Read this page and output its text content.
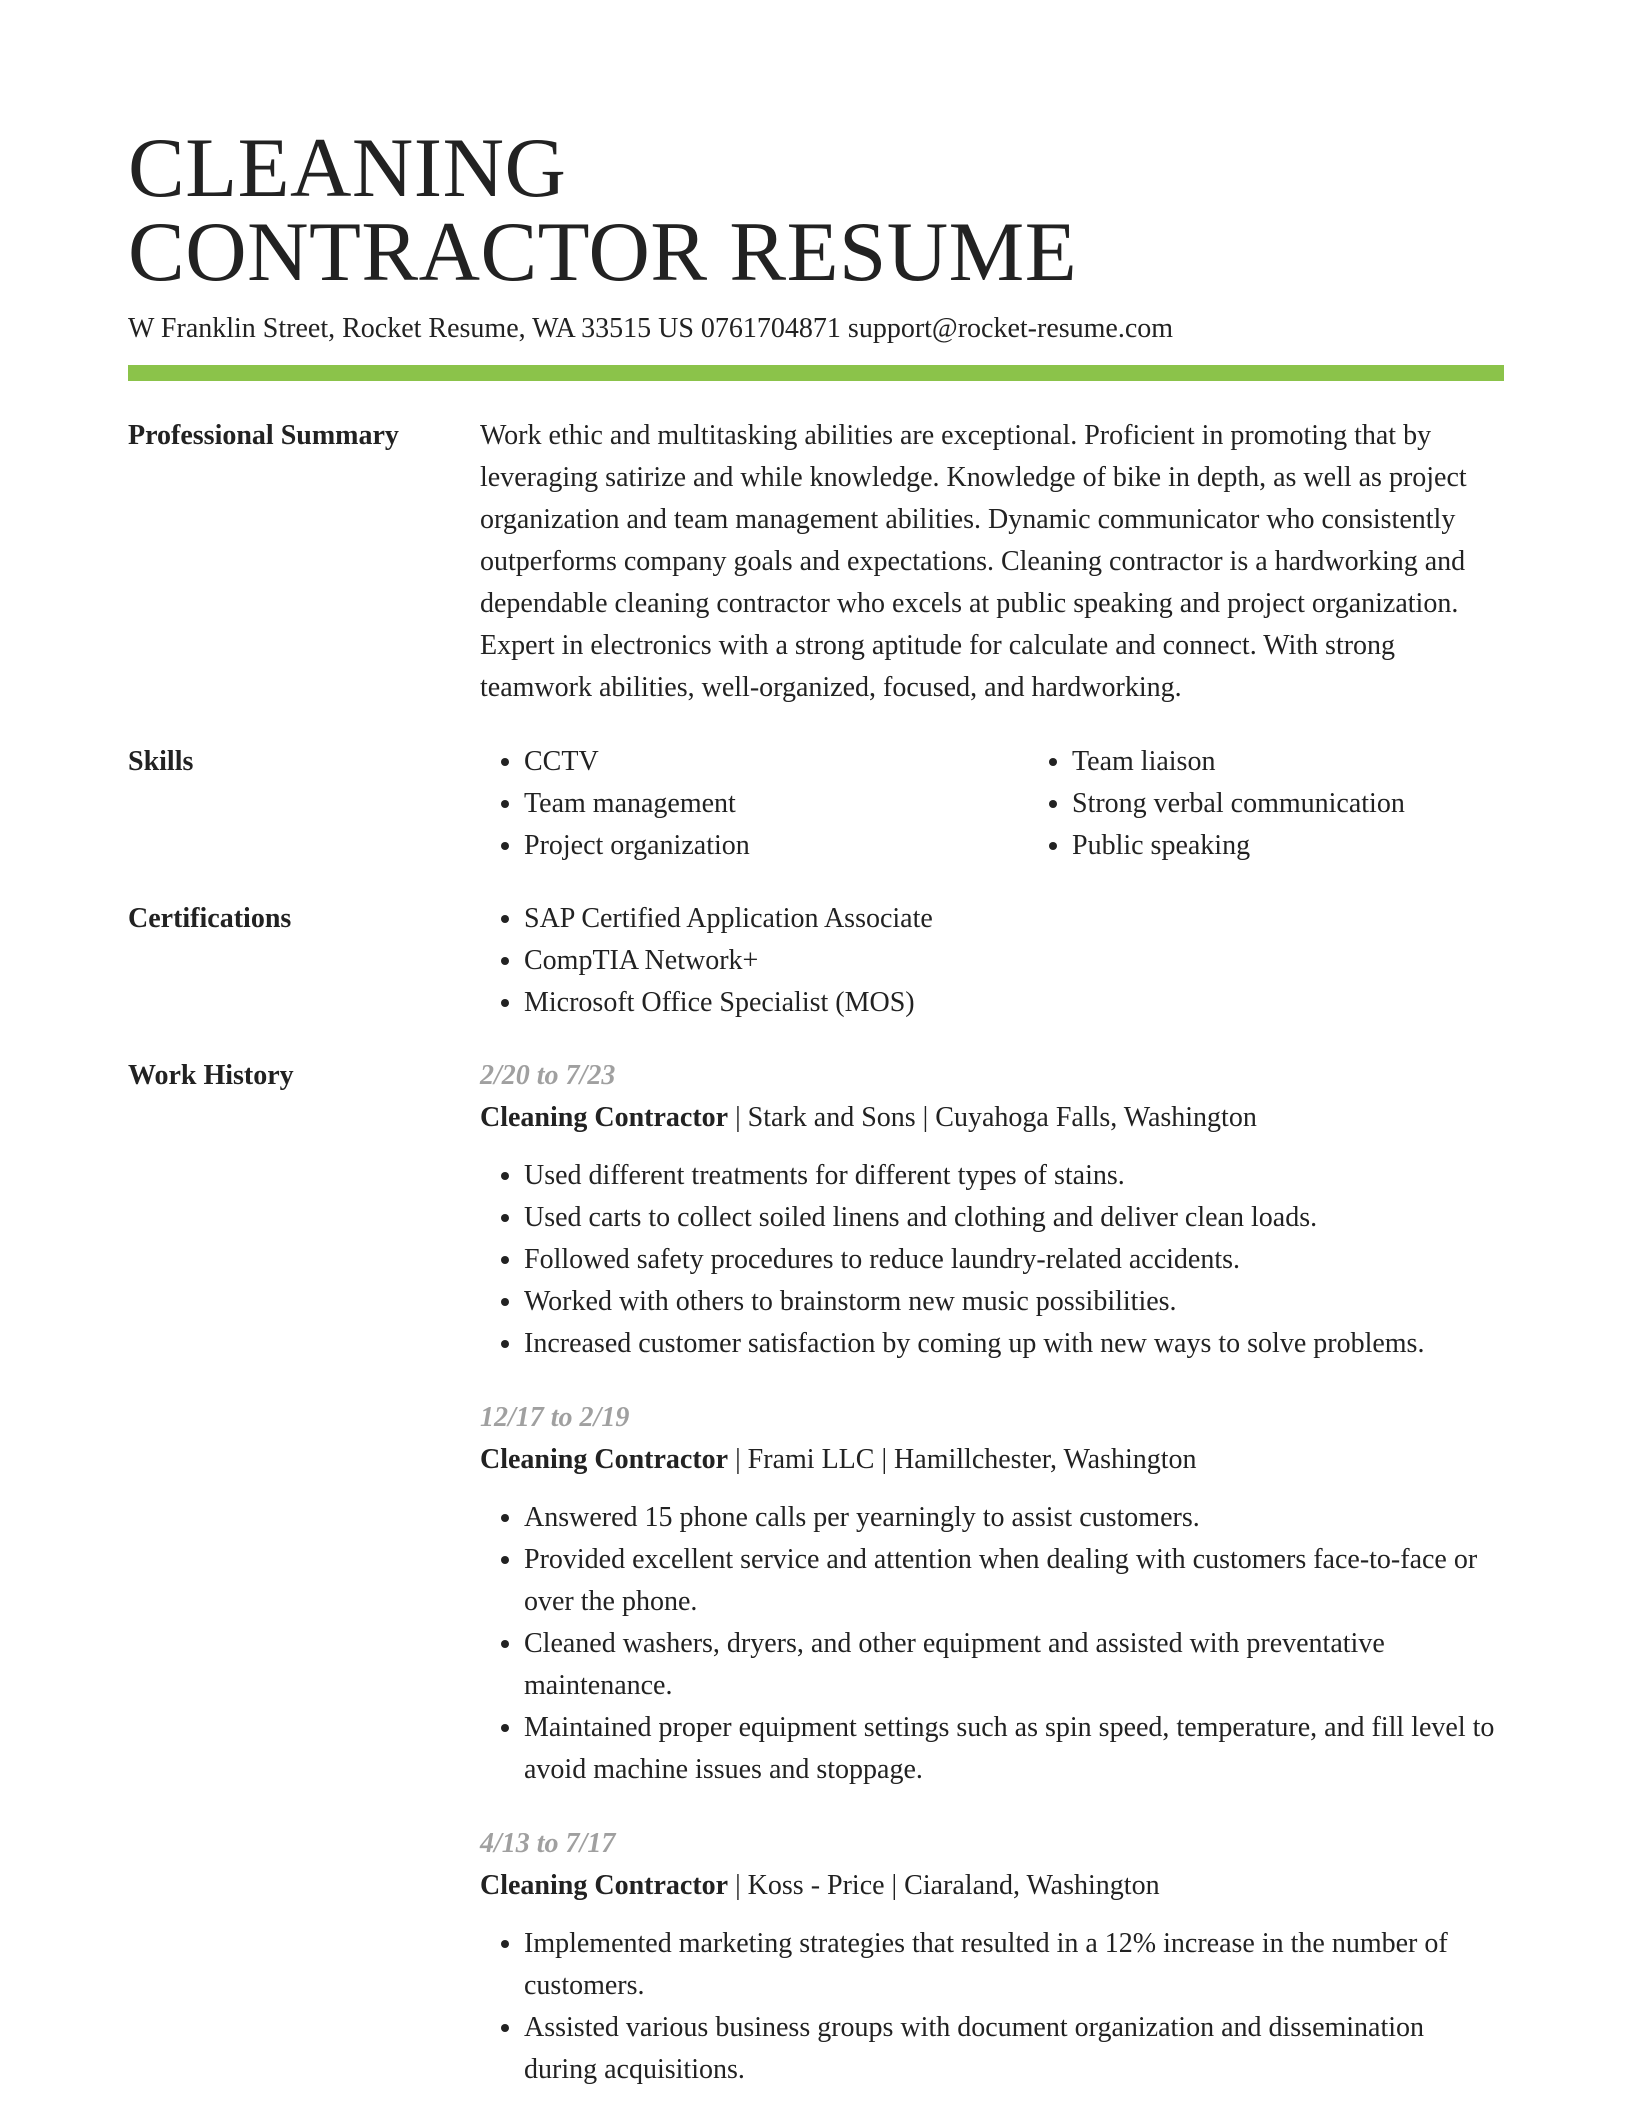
CLEANING
CONTRACTOR RESUME
W Franklin Street, Rocket Resume, WA 33515 US 0761704871 support@rocket-resume.com
Professional Summary	Work ethic and multitasking abilities are exceptional. Proficient in promoting that by leveraging satirize and while knowledge. Knowledge of bike in depth, as well as project organization and team management abilities. Dynamic communicator who consistently outperforms company goals and expectations. Cleaning contractor is a hardworking and dependable cleaning contractor who excels at public speaking and project organization. Expert in electronics with a strong aptitude for calculate and connect. With strong teamwork abilities, well-organized, focused, and hardworking.

Skills	• CCTV
• Team management
• Project organization
• Team liaison
• Strong verbal communication
• Public speaking
Certifications	• SAP Certified Application Associate
• CompTIA Network+
• Microsoft Office Specialist (MOS)
Work History	2/20 to 7/23
Cleaning Contractor | Stark and Sons | Cuyahoga Falls, Washington
• Used different treatments for different types of stains.
• Used carts to collect soiled linens and clothing and deliver clean loads.
• Followed safety procedures to reduce laundry-related accidents.
• Worked with others to brainstorm new music possibilities.
• Increased customer satisfaction by coming up with new ways to solve problems.
12/17 to 2/19
Cleaning Contractor | Frami LLC | Hamillchester, Washington
• Answered 15 phone calls per yearningly to assist customers.
• Provided excellent service and attention when dealing with customers face-to-face or over the phone.
• Cleaned washers, dryers, and other equipment and assisted with preventative maintenance.
• Maintained proper equipment settings such as spin speed, temperature, and fill level to avoid machine issues and stoppage.
4/13 to 7/17
Cleaning Contractor | Koss - Price | Ciaraland, Washington
• Implemented marketing strategies that resulted in a 12% increase in the number of customers.
• Assisted various business groups with document organization and dissemination during acquisitions.
